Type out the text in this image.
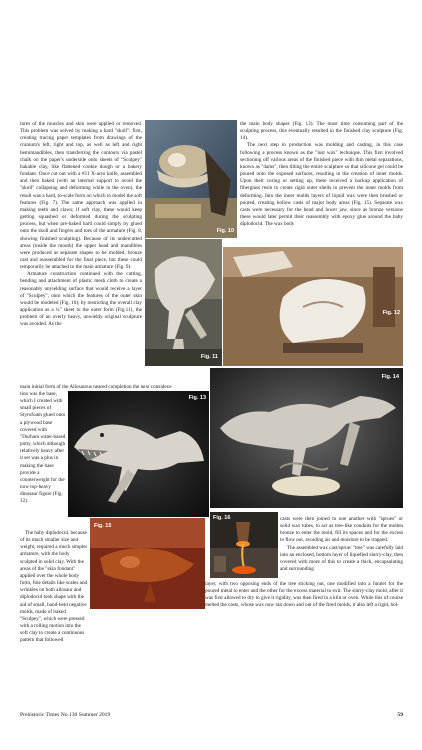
tures of the muscles and skin were applied or removed. This problem was solved by making a hard "skull": first, creating tracing paper templates from drawings of the cranium's left, right and top, as well as left and right hemimandibles, then transferring the contours via pastel chalk on the paper's underside onto sheets of "Sculpey" bakable clay, like flattened cookie dough or a bakery fondant. Once cut out with a #11 X-acto knife, assembled and then baked (with an internal support to avoid the "skull" collapsing and deforming while in the oven), the result was a hard, to-scale form on which to model the soft features (Fig. 7). The same approach was applied in making teeth and claws; if soft clay, these would keep getting squashed or deformed during the sculpting process, but when pre-baked hard could simply by glued onto the skull and fingers and toes of the armature (Fig. 8, showing finished sculpting). Because of its undercutted areas (inside the mouth) the upper head and mandibles were produced as separate shapes to be molded, bronze cast and reassembled for the final piece, but these could temporarily be attached to the main armature (Fig. 9).
Armature construction continued with the cutting, bending and attachment of plastic mesh cloth to create a reasonably unyielding surface that would receive a layer of "Sculpey", onto which the features of the outer skin would be modeled (Fig. 10); by restricting the overall clay application as a ¼" sheet to the outer form (Fig.11), the problem of an overly heavy, unwieldy original sculpture was avoided. As the
main initial form of the Allosaurus neared completion the next considera-
tion was the base, which I created with small pieces of Styrofoam glued onto a plywood base covered with "Durham water-based putty, which although relatively heavy after it set was a plus in making the base provide a counterweight for the now top-heavy dinosaur figure (Fig. 12).
The baby diplodocid, because of its much smaller size and weight, required a much simpler armature, with the body sculpted in solid clay. With the areas of the "skin fondant" applied over the whole body form, fine details like scales and wrinkles on both allosaur and diplodocid took shape with the aid of small, hand-held negative molds, made of baked "Sculpey", which were pressed with a rolling motion into the soft clay to create a continuous pattern that followed
the main body shapes (Fig. 13). The most time consuming part of the sculpting process, this eventually resulted in the finished clay sculpture (Fig. 14).
The next step in production was molding and casting, in this case following a process known as the "lost wax" technique. This first involved sectioning off various areas of the finished piece with thin metal separations, known as "dams", then tilting the entire sculpture so that silicone gel could be poured onto the exposed surfaces, resulting in the creation of inner molds. Upon their curing or setting up, these received a backup application of fiberglass resin to create rigid outer shells to prevent the inner molds from deforming. Into the inner molds layers of liquid wax were then brushed or poured, creating hollow casts of major body areas (Fig. 15). Separate wax casts were necessary for the head and lower jaw, since as bronze versions these would later permit their reassembly with epoxy glue around the baby diplodocid. The wax body
casts were then joined to one another with "sprues" or solid wax tubes, to act as tree-like conduits for the molten bronze to enter the mold, fill its spaces and for the excess to flow out, avoiding air and moisture to be trapped.
The assembled wax cast/sprue/ "tree" was carefully laid into an enclosed, bottom layer of liquefied slurry-clay, then covered with more of this to create a thick, encapsulating and surrounding
layer, with two opposing ends of the tree sticking out, one modified into a funnel for the poured metal to enter and the other for the excess material to exit. The slurry-clay mold, after it was first allowed to dry to give it rigidity, was then fired in a kiln or oven. While this of course melted the casts, whose wax now ran down and out of the fired molds, it also left a rigid, hol-
Fig. 10
Fig. 11
Fig. 12
Fig. 13
Fig. 14
Fig. 15
Fig. 16
Prehistoric Times No.130 Summer 2019	59
